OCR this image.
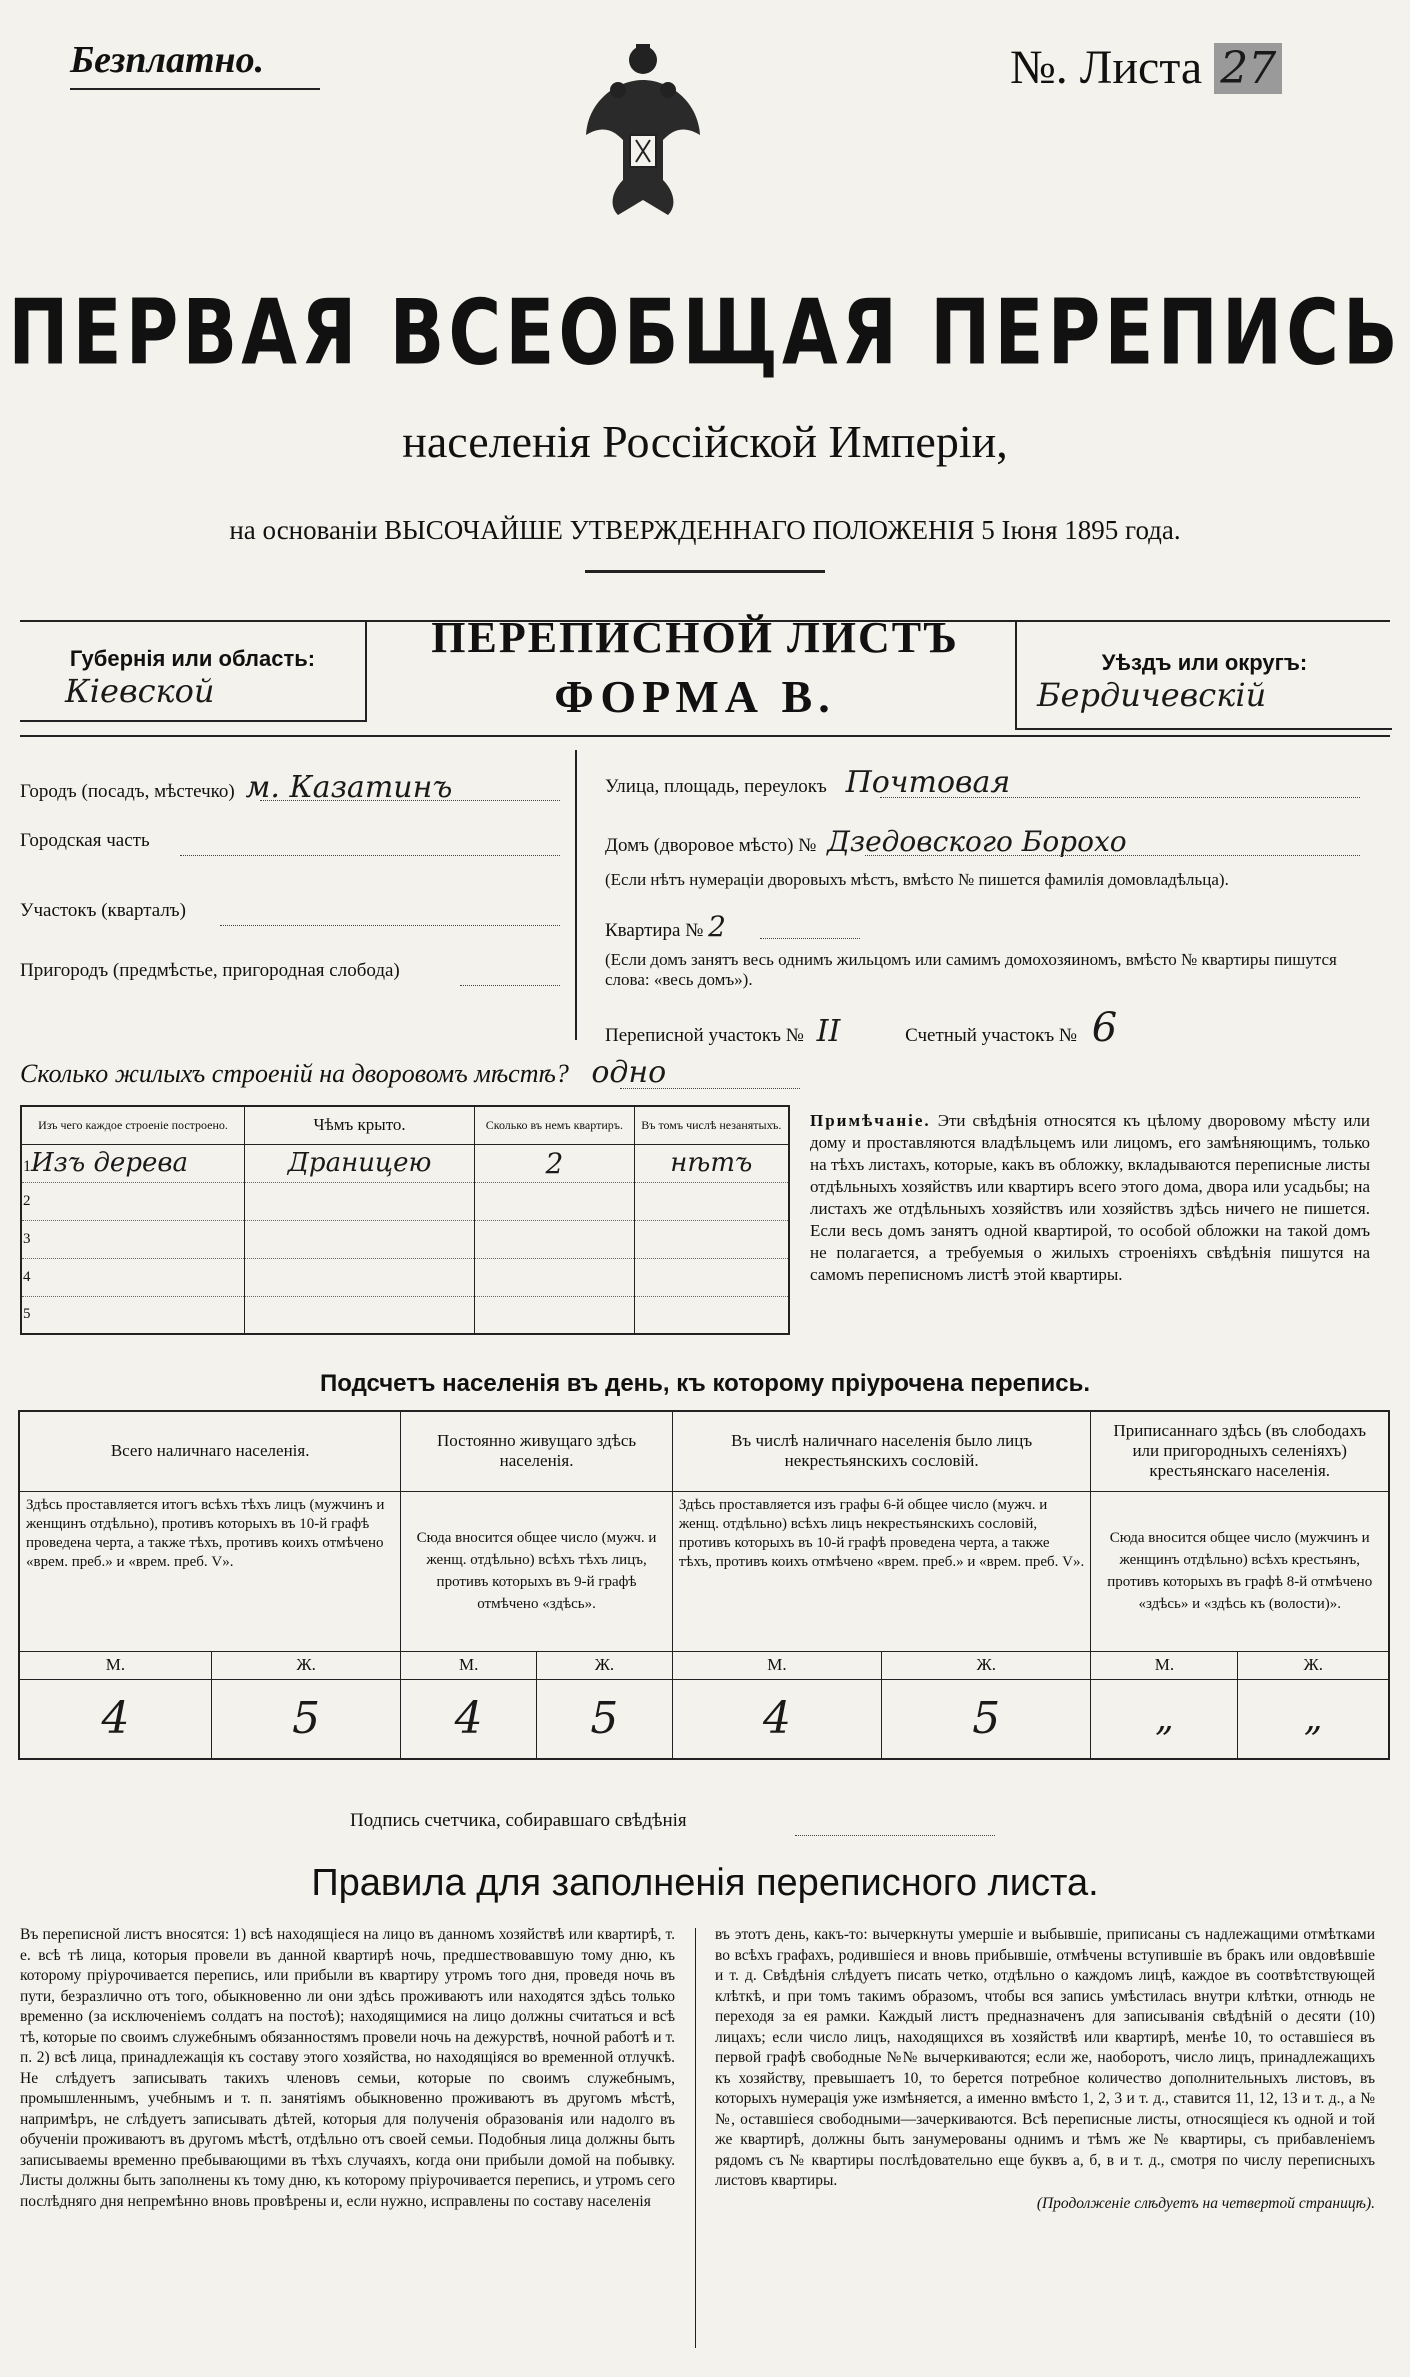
Безплатно.	№. Листа 27
ПЕРВАЯ ВСЕОБЩАЯ ПЕРЕПИСЬ
населенія Россійской Имперіи,
на основаніи ВЫСОЧАЙШЕ УТВЕРЖДЕННАГО ПОЛОЖЕНІЯ 5 Іюня 1895 года.
Губернія или область:
Кіевской
ПЕРЕПИСНОЙ ЛИСТЪ
ФОРМА В.
Уѣздъ или округъ:
Бердичевскій
Городъ (посадъ, мѣстечко) м. Казатинъ
Городская часть
Участокъ (кварталъ)
Пригородъ (предмѣстье, пригородная слобода)
Улица, площадь, переулокъ Почтовая
Домъ (дворовое мѣсто) № Дзедовского Борохо
(Если нѣтъ нумераціи дворовыхъ мѣстъ, вмѣсто № пишется фамилія домовладѣльца).
Квартира № 2
(Если домъ занятъ весь однимъ жильцомъ или самимъ домохозяиномъ, вмѣсто № квартиры пишутся слова: «весь домъ»).
Переписной участокъ № II	Счетный участокъ № 6
Сколько жилыхъ строеній на дворовомъ мѣстѣ? одно
Изъ чего каждое строеніе построено.	Чѣмъ крыто.	Сколько въ немъ квартиръ.	Въ томъ числѣ незанятыхъ.
1Изъ дерева	Драницею	2	нѣтъ
2			
3			
4			
5			
Примѣчаніе. Эти свѣдѣнія относятся къ цѣлому дворовому мѣсту или дому и проставляются владѣльцемъ или лицомъ, его замѣняющимъ, только на тѣхъ листахъ, которые, какъ въ обложку, вкладываются переписные листы отдѣльныхъ хозяйствъ или квартиръ всего этого дома, двора или усадьбы; на листахъ же отдѣльныхъ хозяйствъ или хозяйствъ здѣсь ничего не пишется. Если весь домъ занятъ одной квартирой, то особой обложки на такой домъ не полагается, а требуемыя о жилыхъ строеніяхъ свѣдѣнія пишутся на самомъ переписномъ листѣ этой квартиры.
Подсчетъ населенія въ день, къ которому пріурочена перепись.
Всего наличнаго населенія.		Постоянно живущаго здѣсь населенія.		Въ числѣ наличнаго населенія было лицъ некрестьянскихъ сословій.		Приписаннаго здѣсь (въ слободахъ или пригородныхъ селеніяхъ) крестьянскаго населенія.	
Здѣсь проставляется итогъ всѣхъ тѣхъ лицъ (мужчинъ и женщинъ отдѣльно), противъ которыхъ въ 10-й графѣ проведена черта, а также тѣхъ, противъ коихъ отмѣчено «врем. преб.» и «врем. преб. V».		Сюда вносится общее число (мужч. и женщ. отдѣльно) всѣхъ тѣхъ лицъ, противъ которыхъ въ 9-й графѣ отмѣчено «здѣсь».		Здѣсь проставляется изъ графы 6-й общее число (мужч. и женщ. отдѣльно) всѣхъ лицъ некрестьянскихъ сословій, противъ которыхъ въ 10-й графѣ проведена черта, а также тѣхъ, противъ коихъ отмѣчено «врем. преб.» и «врем. преб. V».		Сюда вносится общее число (мужчинъ и женщинъ отдѣльно) всѣхъ крестьянъ, противъ которыхъ въ графѣ 8-й отмѣчено «здѣсь» и «здѣсь къ (волости)».	
М.	Ж.	М.	Ж.	М.	Ж.	М.	Ж.
4	5	4	5	4	5	„	„
Подпись счетчика, собиравшаго свѣдѣнія
Правила для заполненія переписного листа.
Въ переписной листъ вносятся: 1) всѣ находящіеся на лицо въ данномъ хозяйствѣ или квартирѣ, т. е. всѣ тѣ лица, которыя провели въ данной квартирѣ ночь, предшествовавшую тому дню, къ которому пріурочивается перепись, или прибыли въ квартиру утромъ того дня, проведя ночь въ пути, безразлично отъ того, обыкновенно ли они здѣсь проживаютъ или находятся здѣсь только временно (за исключеніемъ солдатъ на постоѣ); находящимися на лицо должны считаться и всѣ тѣ, которые по своимъ служебнымъ обязанностямъ провели ночь на дежурствѣ, ночной работѣ и т. п. 2) всѣ лица, принадлежащія къ составу этого хозяйства, но находящіяся во временной отлучкѣ. Не слѣдуетъ записывать такихъ членовъ семьи, которые по своимъ служебнымъ, промышленнымъ, учебнымъ и т. п. занятіямъ обыкновенно проживаютъ въ другомъ мѣстѣ, напримѣръ, не слѣдуетъ записывать дѣтей, которыя для полученія образованія или надолго въ обученіи проживаютъ въ другомъ мѣстѣ, отдѣльно отъ своей семьи. Подобныя лица должны быть записываемы временно пребывающими въ тѣхъ случаяхъ, когда они прибыли домой на побывку. Листы должны быть заполнены къ тому дню, къ которому пріурочивается перепись, и утромъ сего послѣдняго дня непремѣнно вновь провѣрены и, если нужно, исправлены по составу населенія
въ этотъ день, какъ-то: вычеркнуты умершіе и выбывшіе, приписаны съ надлежащими отмѣтками во всѣхъ графахъ, родившіеся и вновь прибывшіе, отмѣчены вступившіе въ бракъ или овдовѣвшіе и т. д. Свѣдѣнія слѣдуетъ писать четко, отдѣльно о каждомъ лицѣ, каждое въ соотвѣтствующей клѣткѣ, и при томъ такимъ образомъ, чтобы вся запись умѣстилась внутри клѣтки, отнюдь не переходя за ея рамки. Каждый листъ предназначенъ для записыванія свѣдѣній о десяти (10) лицахъ; если число лицъ, находящихся въ хозяйствѣ или квартирѣ, менѣе 10, то оставшіеся въ первой графѣ свободные №№ вычеркиваются; если же, наоборотъ, число лицъ, принадлежащихъ къ хозяйству, превышаетъ 10, то берется потребное количество дополнительныхъ листовъ, въ которыхъ нумерація уже измѣняется, а именно вмѣсто 1, 2, 3 и т. д., ставится 11, 12, 13 и т. д., а №№, оставшіеся свободными—зачеркиваются. Всѣ переписные листы, относящіеся къ одной и той же квартирѣ, должны быть занумерованы однимъ и тѣмъ же № квартиры, съ прибавленіемъ рядомъ съ № квартиры послѣдовательно еще буквъ а, б, в и т. д., смотря по числу переписныхъ листовъ квартиры.
(Продолженіе слѣдуетъ на четвертой страницѣ).
